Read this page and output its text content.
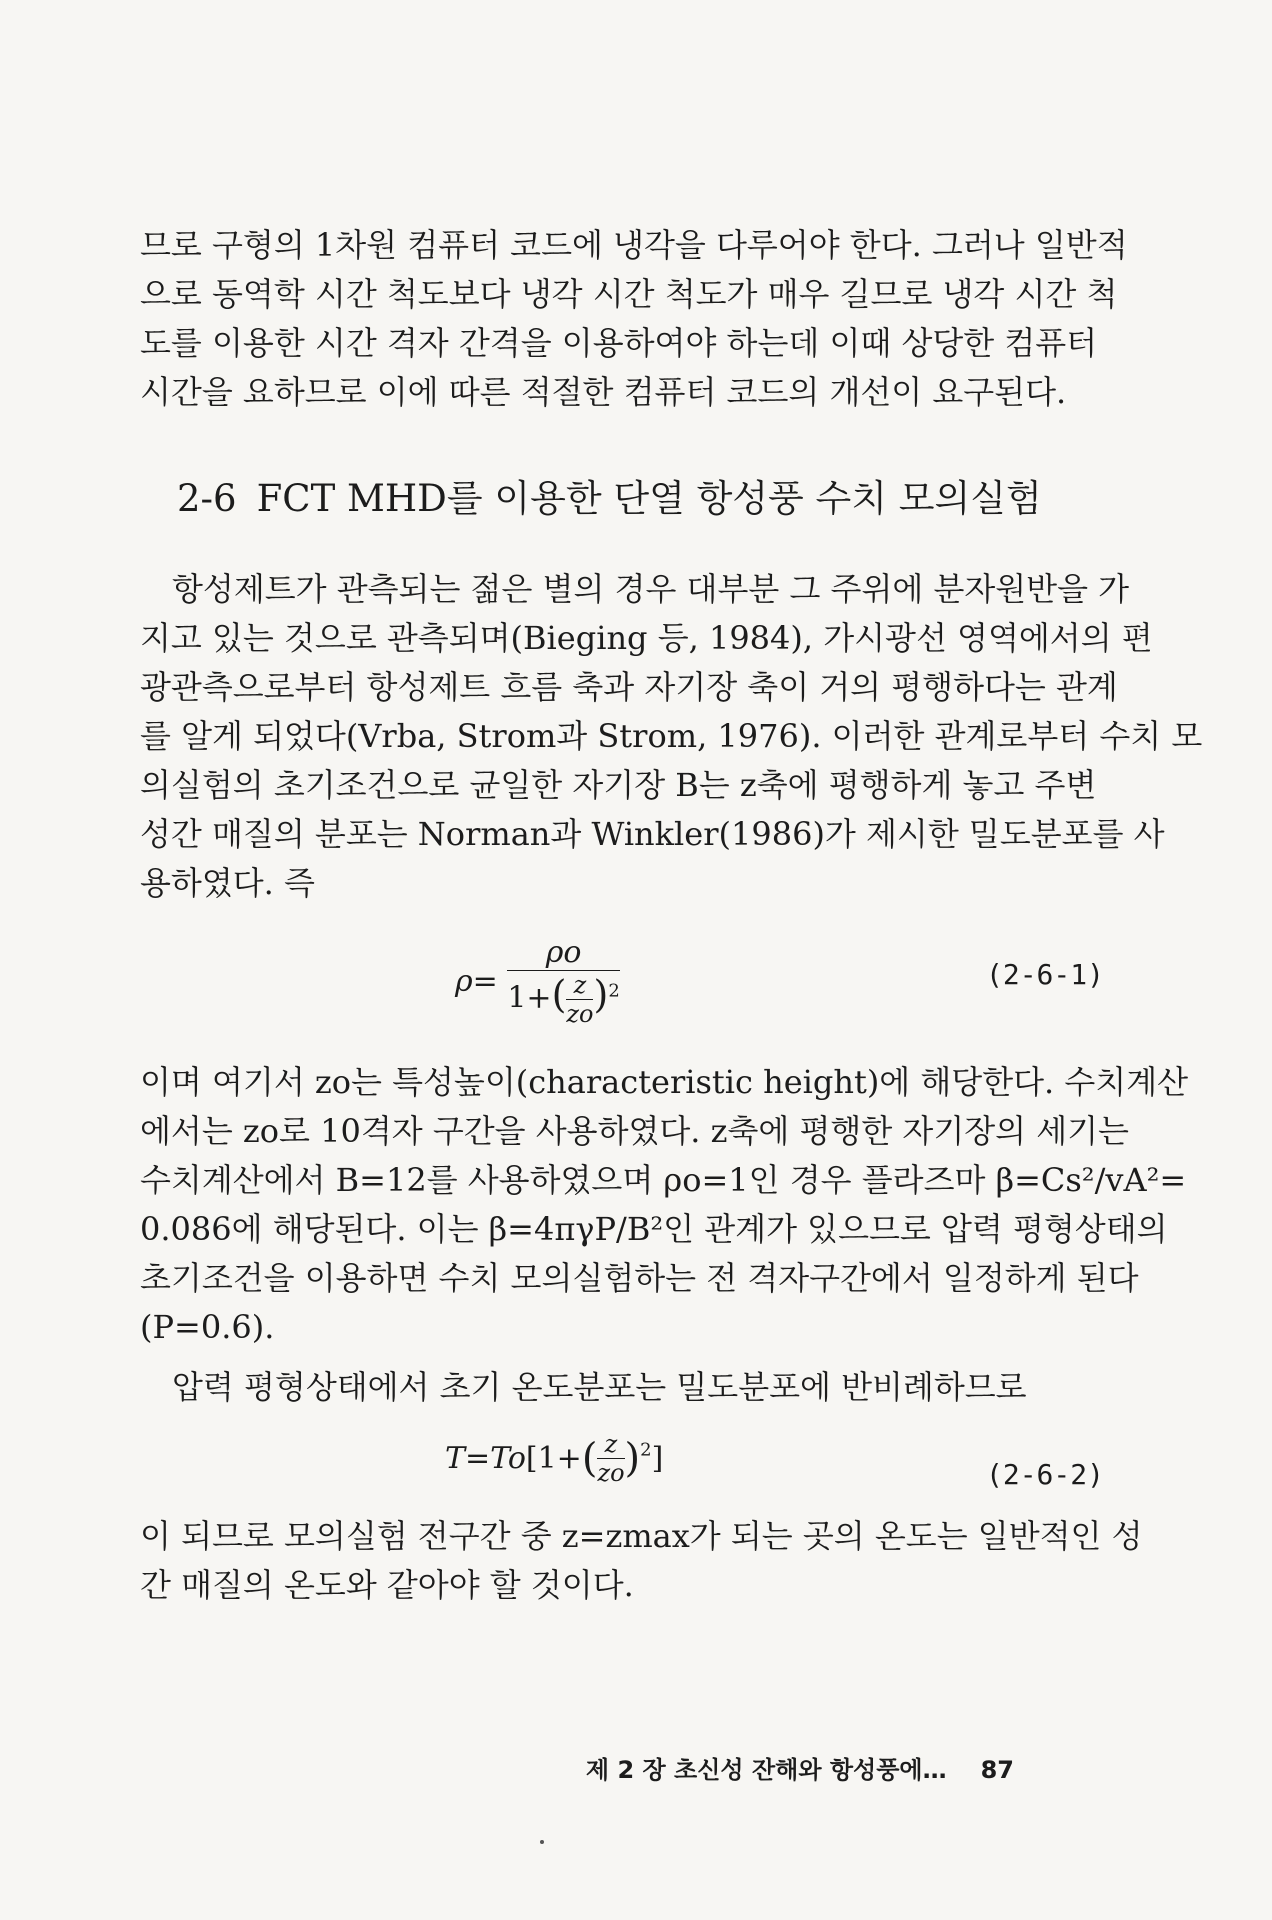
므로 구형의 1차원 컴퓨터 코드에 냉각을 다루어야 한다. 그러나 일반적
으로 동역학 시간 척도보다 냉각 시간 척도가 매우 길므로 냉각 시간 척
도를 이용한 시간 격자 간격을 이용하여야 하는데 이때 상당한 컴퓨터
시간을 요하므로 이에 따른 적절한 컴퓨터 코드의 개선이 요구된다.
2-6 FCT MHD를 이용한 단열 항성풍 수치 모의실험
항성제트가 관측되는 젊은 별의 경우 대부분 그 주위에 분자원반을 가
지고 있는 것으로 관측되며(Bieging 등, 1984), 가시광선 영역에서의 편
광관측으로부터 항성제트 흐름 축과 자기장 축이 거의 평행하다는 관계
를 알게 되었다(Vrba, Strom과 Strom, 1976). 이러한 관계로부터 수치 모
의실험의 초기조건으로 균일한 자기장 B는 z축에 평행하게 놓고 주변
성간 매질의 분포는 Norman과 Winkler(1986)가 제시한 밀도분포를 사
용하였다. 즉
$\rho= \frac{\rho o}{1+( \frac{z}{zo} )^2}$	(2-6-1)
이며 여기서 zo는 특성높이(characteristic height)에 해당한다. 수치계산
에서는 zo로 10격자 구간을 사용하였다. z축에 평행한 자기장의 세기는
수치계산에서 B=12를 사용하였으며 ρo=1인 경우 플라즈마 β=Cs²/vA²=
0.086에 해당된다. 이는 β=4πγP/B²인 관계가 있으므로 압력 평형상태의
초기조건을 이용하면 수치 모의실험하는 전 격자구간에서 일정하게 된다
(P=0.6).
압력 평형상태에서 초기 온도분포는 밀도분포에 반비례하므로
$T=To[1+( \frac{z}{zo} )^2]$	(2-6-2)
이 되므로 모의실험 전구간 중 z=zmax가 되는 곳의 온도는 일반적인 성
간 매질의 온도와 같아야 할 것이다.
제 2 장 초신성 잔해와 항성풍에… 87
